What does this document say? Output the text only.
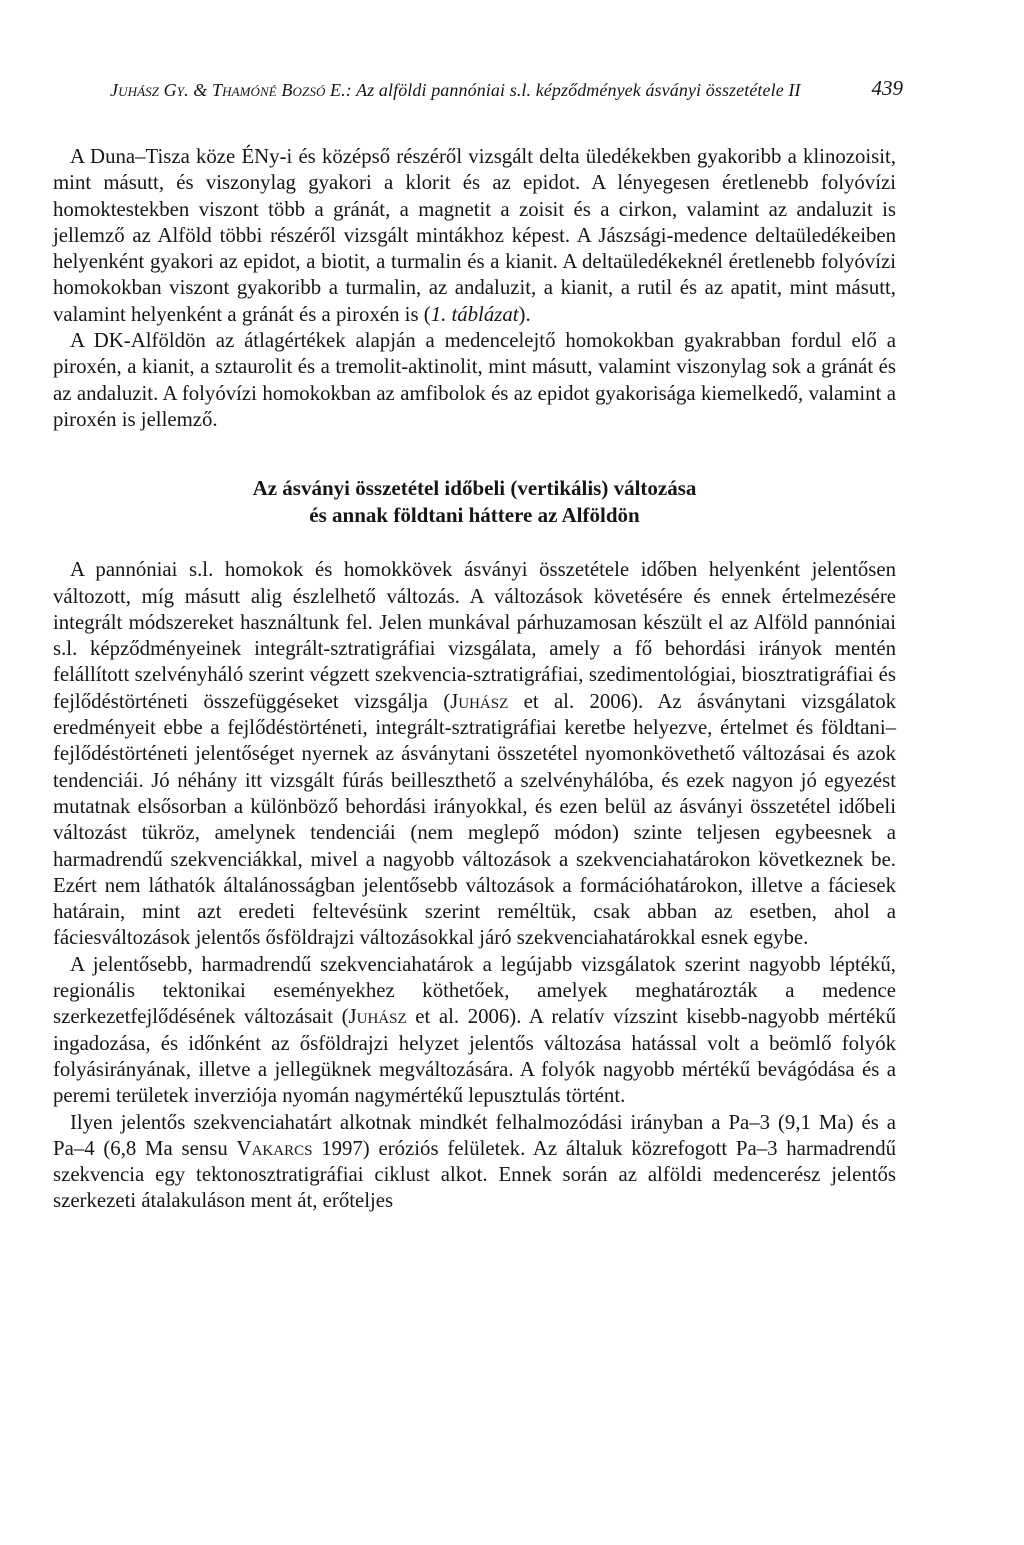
Juhász Gy. & Thamóné Bozsó E.: Az alföldi pannóniai s.l. képződmények ásványi összetétele II	439

A Duna–Tisza köze ÉNy-i és középső részéről vizsgált delta üledékekben gyakoribb a klinozoisit, mint másutt, és viszonylag gyakori a klorit és az epidot. A lényegesen éretlenebb folyóvízi homoktestekben viszont több a gránát, a magnetit a zoisit és a cirkon, valamint az andaluzit is jellemző az Alföld többi részéről vizsgált mintákhoz képest. A Jászsági-medence deltaüledékeiben helyenként gyakori az epidot, a biotit, a turmalin és a kianit. A deltaüledékeknél éretlenebb folyóvízi homokokban viszont gyakoribb a turmalin, az andaluzit, a kianit, a rutil és az apatit, mint másutt, valamint helyenként a gránát és a piroxén is (1. táblázat).

A DK-Alföldön az átlagértékek alapján a medencelejtő homokokban gyakrabban fordul elő a piroxén, a kianit, a sztaurolit és a tremolit-aktinolit, mint másutt, valamint viszonylag sok a gránát és az andaluzit. A folyóvízi homokokban az amfibolok és az epidot gyakorisága kiemelkedő, valamint a piroxén is jellemző.

Az ásványi összetétel időbeli (vertikális) változása
és annak földtani háttere az Alföldön

A pannóniai s.l. homokok és homokkövek ásványi összetétele időben helyenként jelentősen változott, míg másutt alig észlelhető változás. A változások követésére és ennek értelmezésére integrált módszereket használtunk fel. Jelen munkával párhuzamosan készült el az Alföld pannóniai s.l. képződményeinek integrált-sztratigráfiai vizsgálata, amely a fő behordási irányok mentén felállított szelvényháló szerint végzett szekvencia-sztratigráfiai, szedimentológiai, biosztratigráfiai és fejlődéstörténeti összefüggéseket vizsgálja (Juhász et al. 2006). Az ásványtani vizsgálatok eredményeit ebbe a fejlődéstörténeti, integrált-sztratigráfiai keretbe helyezve, értelmet és földtani–fejlődéstörténeti jelentőséget nyernek az ásványtani összetétel nyomonkövethető változásai és azok tendenciái. Jó néhány itt vizsgált fúrás beilleszthető a szelvényhálóba, és ezek nagyon jó egyezést mutatnak elsősorban a különböző behordási irányokkal, és ezen belül az ásványi összetétel időbeli változást tükröz, amelynek tendenciái (nem meglepő módon) szinte teljesen egybeesnek a harmadrendű szekvenciákkal, mivel a nagyobb változások a szekvenciahatárokon következnek be. Ezért nem láthatók általánosságban jelentősebb változások a formációhatárokon, illetve a fáciesek határain, mint azt eredeti feltevésünk szerint reméltük, csak abban az esetben, ahol a fáciesváltozások jelentős ősföldrajzi változásokkal járó szekvenciahatárokkal esnek egybe.

A jelentősebb, harmadrendű szekvenciahatárok a legújabb vizsgálatok szerint nagyobb léptékű, regionális tektonikai eseményekhez köthetőek, amelyek meghatározták a medence szerkezetfejlődésének változásait (Juhász et al. 2006). A relatív vízszint kisebb-nagyobb mértékű ingadozása, és időnként az ősföldrajzi helyzet jelentős változása hatással volt a beömlő folyók folyásirányának, illetve a jellegüknek megváltozására. A folyók nagyobb mértékű bevágódása és a peremi területek inverziója nyomán nagymértékű lepusztulás történt.

Ilyen jelentős szekvenciahatárt alkotnak mindkét felhalmozódási irányban a Pa–3 (9,1 Ma) és a Pa–4 (6,8 Ma sensu Vakarcs 1997) eróziós felületek. Az általuk közrefogott Pa–3 harmadrendű szekvencia egy tektonosztratigráfiai ciklust alkot. Ennek során az alföldi medencerész jelentős szerkezeti átalakuláson ment át, erőteljes
